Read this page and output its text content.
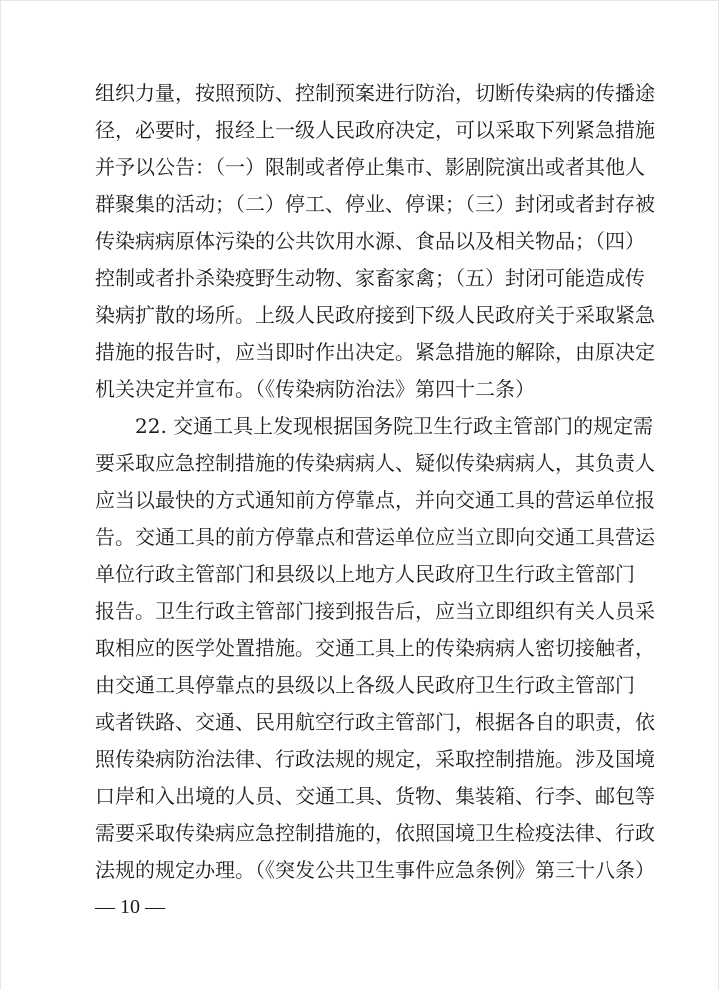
组织力量，按照预防、控制预案进行防治，切断传染病的传播途
径，必要时，报经上一级人民政府决定，可以采取下列紧急措施
并予以公告：（一）限制或者停止集市、影剧院演出或者其他人
群聚集的活动；（二）停工、停业、停课；（三）封闭或者封存被
传染病病原体污染的公共饮用水源、食品以及相关物品；（四）
控制或者扑杀染疫野生动物、家畜家禽；（五）封闭可能造成传
染病扩散的场所。上级人民政府接到下级人民政府关于采取紧急
措施的报告时，应当即时作出决定。紧急措施的解除，由原决定
机关决定并宣布。（《传染病防治法》第四十二条）
　　22. 交通工具上发现根据国务院卫生行政主管部门的规定需
要采取应急控制措施的传染病病人、疑似传染病病人，其负责人
应当以最快的方式通知前方停靠点，并向交通工具的营运单位报
告。交通工具的前方停靠点和营运单位应当立即向交通工具营运
单位行政主管部门和县级以上地方人民政府卫生行政主管部门
报告。卫生行政主管部门接到报告后，应当立即组织有关人员采
取相应的医学处置措施。交通工具上的传染病病人密切接触者，
由交通工具停靠点的县级以上各级人民政府卫生行政主管部门
或者铁路、交通、民用航空行政主管部门，根据各自的职责，依
照传染病防治法律、行政法规的规定，采取控制措施。涉及国境
口岸和入出境的人员、交通工具、货物、集装箱、行李、邮包等
需要采取传染病应急控制措施的，依照国境卫生检疫法律、行政
法规的规定办理。（《突发公共卫生事件应急条例》第三十八条）
— 10 —
